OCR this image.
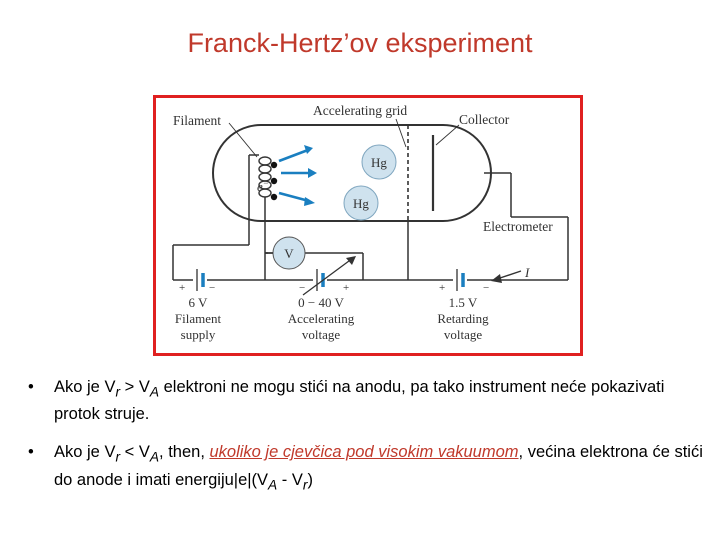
Franck-Hertz’ov eksperiment
e−
Hg
Hg
Filament
Accelerating grid
Collector
Electrometer
V
+ −	−	+	+	−
I
6 V
Filament
supply
0 − 40 V
Accelerating
voltage
1.5 V
Retarding
voltage
• Ako je $V_r > V_A$ elektroni ne mogu stići na anodu, pa tako instrument neće pokazivati protok struje.
• Ako je $V_r < V_A$, then, ukoliko je cjevčica pod visokim vakuumom, većina elektrona će stići do anode i imati $energiju|e|(V_A - V_r)$
